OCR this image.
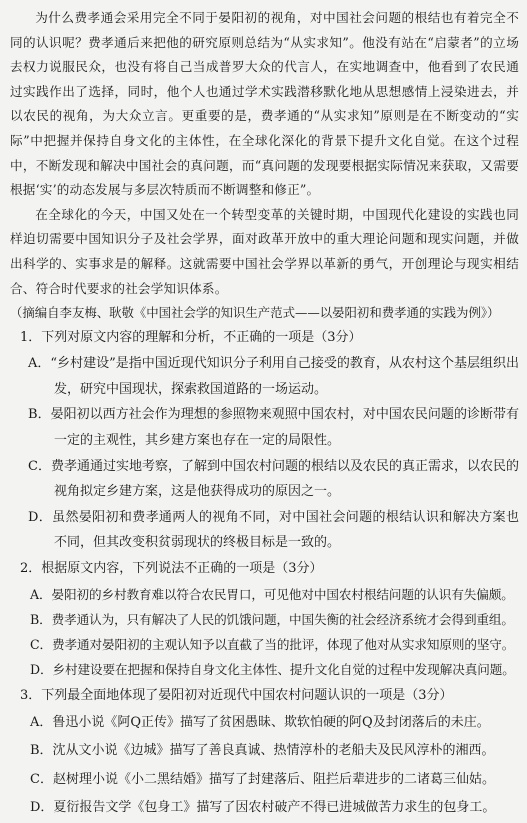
为什么费孝通会采用完全不同于晏阳初的视角，对中国社会问题的根结也有着完全不同的认识呢？费孝通后来把他的研究原则总结为“从实求知”。他没有站在“启蒙者”的立场去权力说服民众，也没有将自己当成普罗大众的代言人，在实地调查中，他看到了农民通过实践作出了选择，同时，他个人也通过学术实践潜移默化地从思想感情上浸染进去，并以农民的视角，为大众立言。更重要的是，费孝通的“从实求知”原则是在不断变动的“实际”中把握并保持自身文化的主体性，在全球化深化的背景下提升文化自觉。在这个过程中，不断发现和解决中国社会的真问题，而“真问题的发现要根据实际情况来获取，又需要根据‘实’的动态发展与多层次特质而不断调整和修正”。

在全球化的今天，中国又处在一个转型变革的关键时期，中国现代化建设的实践也同样迫切需要中国知识分子及社会学界，面对政革开放中的重大理论问题和现实问题，并做出科学的、实事求是的解释。这就需要中国社会学界以革新的勇气，开创理论与现实相结合、符合时代要求的社会学知识体系。

（摘编自李友梅、耿敬《中国社会学的知识生产范式——以晏阳初和费孝通的实践为例》）

1．下列对原文内容的理解和分析，不正确的一项是（3分）

A．“乡村建设”是指中国近现代知识分子利用自己接受的教育，从农村这个基层组织出发，研究中国现状，探索救国道路的一场运动。

B．晏阳初以西方社会作为理想的参照物来观照中国农村，对中国农民问题的诊断带有一定的主观性，其乡建方案也存在一定的局限性。

C．费孝通通过实地考察，了解到中国农村问题的根结以及农民的真正需求，以农民的视角拟定乡建方案，这是他获得成功的原因之一。

D．虽然晏阳初和费孝通两人的视角不同，对中国社会问题的根结认识和解决方案也不同，但其改变积贫弱现状的终极目标是一致的。

2．根据原文内容，下列说法不正确的一项是（3分）

A．晏阳初的乡村教育难以符合农民胃口，可见他对中国农村根结问题的认识有失偏颇。

B．费孝通认为，只有解决了人民的饥饿问题，中国失衡的社会经济系统才会得到重组。

C．费孝通对晏阳初的主观认知予以直截了当的批评，体现了他对从实求知原则的坚守。

D．乡村建设要在把握和保持自身文化主体性、提升文化自觉的过程中发现解决真问题。

3．下列最全面地体现了晏阳初对近现代中国农村问题认识的一项是（3分）

A．鲁迅小说《阿Q正传》描写了贫困愚昧、欺软怕硬的阿Q及封闭落后的未庄。

B．沈从文小说《边城》描写了善良真诚、热情淳朴的老船夫及民风淳朴的湘西。

C．赵树理小说《小二黑结婚》描写了封建落后、阻拦后辈进步的二诸葛三仙姑。

D．夏衍报告文学《包身工》描写了因农村破产不得已进城做苦力求生的包身工。
